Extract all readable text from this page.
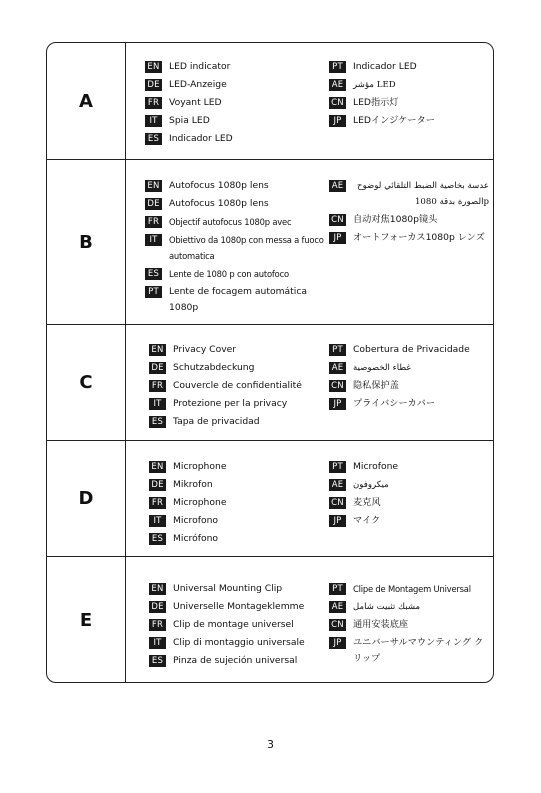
A
EN LED indicator
DE LED-Anzeige
FR	Voyant LED
IT	Spia LED
ES	Indicador LED
PT	Indicador LED
AE	مؤشر LED
CN LED指示灯
JP	LEDインジケーター
B
EN Autofocus 1080p lens
DE Autofocus 1080p lens
FR	Objectif autofocus 1080p avec
IT	Obiettivo da 1080p con messa a fuoco automatica
ES	Lente de 1080 p con autofoco
PT	Lente de focagem automática 1080p
AE	عدسة بخاصية الضبط التلقائي لوضوح الصورة بدقة 1080p
CN 自动对焦1080p镜头
JP	オートフォーカス1080p レンズ
C
EN Privacy Cover
DE Schutzabdeckung
FR	Couvercle de confidentialité
IT	Protezione per la privacy
ES	Tapa de privacidad
PT	Cobertura de Privacidade
AE	غطاء الخصوصية
CN 隐私保护盖
JP	プライバシーカバー
D
EN Microphone
DE Mikrofon
FR	Microphone
IT	Microfono
ES	Micrófono
PT	Microfone
AE	ميكروفون
CN 麦克风
JP	マイク
E
EN Universal Mounting Clip
DE Universelle Montageklemme
FR	Clip de montage universel
IT	Clip di montaggio universale
ES	Pinza de sujeción universal
PT	Clipe de Montagem Universal
AE	مشبك تثبيت شامل
CN 通用安装底座
JP	ユニバーサルマウンティング クリップ
3
